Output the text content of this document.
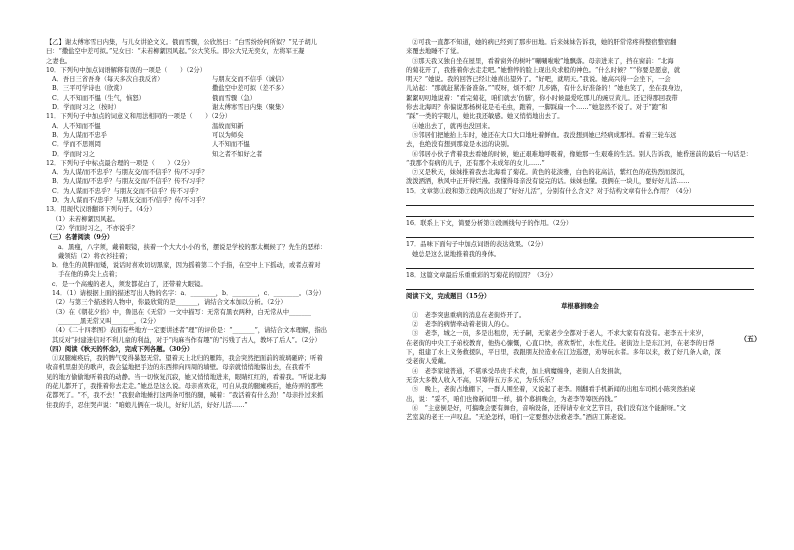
【乙】谢太傅寒雪日内集，与儿女讲论文义。俄而雪骤，公欣然曰：“白雪纷纷何所似？”兄子胡儿
曰：“撒盐空中差可拟。”兄女曰：“未若柳絮因风起。”公大笑乐。即公大兄无奕女，左将军王凝
之妻也。
10．下列句中加点词语解释有误的一项是（　　）（2分）
A．吾日三省吾身（每天多次自我反省）	与朋友交而不信乎（诚信）
B．三平可学诗也（欣赏）	撒盐空中差可拟（差不多）
C．人不知而不愠（生气，恼怒）	俄而雪骤（急）
D．学而时习之（按时）	谢太傅寒雪日内集（聚集）
11．下列句子中加点的词意义和用法相同的一项是（　　）（2分）
A．人不知而不愠	温故而知新
B．为人谋而不忠乎	可以为师矣
C．学而不思则罔	人不知而不愠
D．学而时习之	知之者不如好之者
12．下列句子中标点最合理的一项是（　　）（2分）
A．为人谋/而不忠乎？与朋友交/而不信乎？传/不习乎？
B．为人谋而/不忠乎？与朋友交而/不信乎？传不/习乎？
C．为人谋而不忠乎？与朋友交而不信乎？传不习乎？
D．为人谋而不/忠乎？与朋友交而不/信乎？传/不习乎？
13．用现代汉语翻译下列句子。（4分）
（1）未若柳絮因风起。
（2）学而时习之，不亦说乎？
（三）名著阅读（9分）
a．黑瘦，八字须，戴着眼镜，挟着一个大大小小的书，摆说是学校的那太概候了？先生的恶样：
戴领结（2）将衣衫挂着；
b．他生的黄胖而矮，说话时喜欢切切黑家，因为摇着第二个手指，在空中上下摇动，或者点着对
手在他的鼻尖上点着；
c．是一个高瘦的老人，须发都花白了，还带着大眼镜。
14．（1）请根据上面的描述写出人物的名字：a．________，b．________，c．________。（3分）
（2）与第三个描述的人物中，你最欣赏的是_______，请结合文本加以分析。（2分）
（3）在《朝花夕拾》中，鲁迅在《无常》一文中描写：无常有黑衣两种，白无常从中_______
_______黑无常又叫_______。（2分）
（4）《二十四孝图》表面有些地方一定要讲述者“理”的评价是：“_______”，请结合文本理解，指出
其反对“封建迷信对不利儿童的利益，对于“肉麻当作有趣”的“污残了古人，教坏了后人”。（2分）
（四）阅读《秋天的怀念》，完成下列各题。（30分）
①双腿瘫痪后，我的脾气变得暴怒无常。望着天上北归的雁阵，我会突然把面前的玻璃砸碎；听着
收音机里甜美的歌声，我会猛地把手边的东西摔向四周的墙壁。母亲就悄悄地躲出去，在我看不
见的地方偷偷地听着我的动静。当一切恢复沉寂，她又悄悄地进来，眼睛红红的，看着我。“听说北海
的花儿都开了，我推着你去走走。”她总是这么说。母亲喜欢花，可自从我的腿瘫痪后，她侍弄的那些
花都死了。“不，我不去！”我狠命地捶打这两条可恨的腿，喊着：“我活着有什么劲！”母亲扑过来抓
住我的手，忍住哭声说：“咱娘儿俩在一块儿，好好儿活，好好儿活……”
②可我一直都不知道，她的病已经到了那步田地。后来妹妹告诉我，她的肝常常疼得整宿整宿翻
来覆去地睡不了觉。
③那天我又独自坐在屋里，看着窗外的树叶“唰唰啦啦”地飘落。母亲进来了，挡在窗前：“北海
的菊花开了，我推着你去走走吧。”她憔悴的脸上现出央求般的神色。“什么时候？”“你要是愿意，就
明天？”她说。我的回答已经让她喜出望外了。“好吧，就明天。”我说。她高兴得一会坐下，一会
儿站起：“那就赶紧准备准备。”“哎呀，烦不烦？几步路，有什么好准备的！”她也笑了，坐在我身边，
絮絮叨叨地说着：“看完菊花，咱们就去‘仿膳’，你小时候最爱吃那儿的豌豆黄儿。还记得那回我带
你去北海吗？你偏说那杨树花是毛毛虫，跑着，一脚踩扁一个……”她忽然不说了。对于“跑”和
“踩”一类的字眼儿，她比我还敏感。她又悄悄地出去了。
④她出去了，就再也没回来。
⑤邻居们把她抬上车时，她还在大口大口地吐着鲜血。我没想到她已经病成那样。看着三轮车远
去，也绝没有想到那竟是永远的诀别。
⑥邻居小伙子背着我去看她的时候，她正艰难地呼吸着，像她那一生艰难的生活。别人告诉我，她昏迷前的最后一句话是：
“我那个有病的儿子，还有那个未成年的女儿……”
⑦又是秋天，妹妹推着我去北海看了菊花。黄色的花淡雅，白色的花高洁，紫红色的花热烈而深沉，
泼泼洒洒，秋风中正开得烂漫。我懂得母亲没有说完的话。妹妹也懂。我俩在一块儿，要好好儿活……
15．文章第①段和第⑦段两次出现了“好好儿活”，分别有什么含义？对于结构文章有什么作用？（4分）
16．联系上下文，简要分析第③段画线句子的作用。（2分）
17．品味下面句子中加点词语的表达效果。（2分）
她总是这么说地推着我的身体。
18．这篇文章最后乐重重彩的写菊花的原因？（3分）
阅读下文，完成题目（15分）
草根慕捐晚会
①　老李突患重病的消息在老街炸开了。
②　老李的病情牵动着老街人的心。
③　老李，城之一员，多是出租房，无子嗣，无家老少全都对于老人，不求大家有有没有。老李五十来岁，
在老街的中央工子弟校教育，他热心慷慨，心直口快，喜欢帮忙，水性尤佳。老街边上是东江河，在老李的日帮
下，组建了水上义务救援队，平日里，我跟朋友拉造业在江边巡逻，劝导玩水者。多年以来，救了好几条人命，深
受老街人爱戴。
④　老李家境普通，不堪承受昂贵手术费，加上病魔缠身，老街人自发捐款，
无奈大多数人收入不高，只筹得五万多元，为乐乐乐？
⑤　晚上，老街占地棚下，一群人围坐着，又说起了老李。刚翻看手机新闻的出租车司机小陈突然拍桌
出，说：“妥不，咱们也像新闻里一样，搞个募捐晚会，为老李等筹医药钱。”
⑥　“主意倒是好，可搞晚会要有舞台，音响设备，还得请专业文艺节目，我们没有这个能耐呀。”文
艺室莫的老王一声叹息。“无论怎样，咱们一定要想办法救老李。”酒店工陈老说。
（五）
